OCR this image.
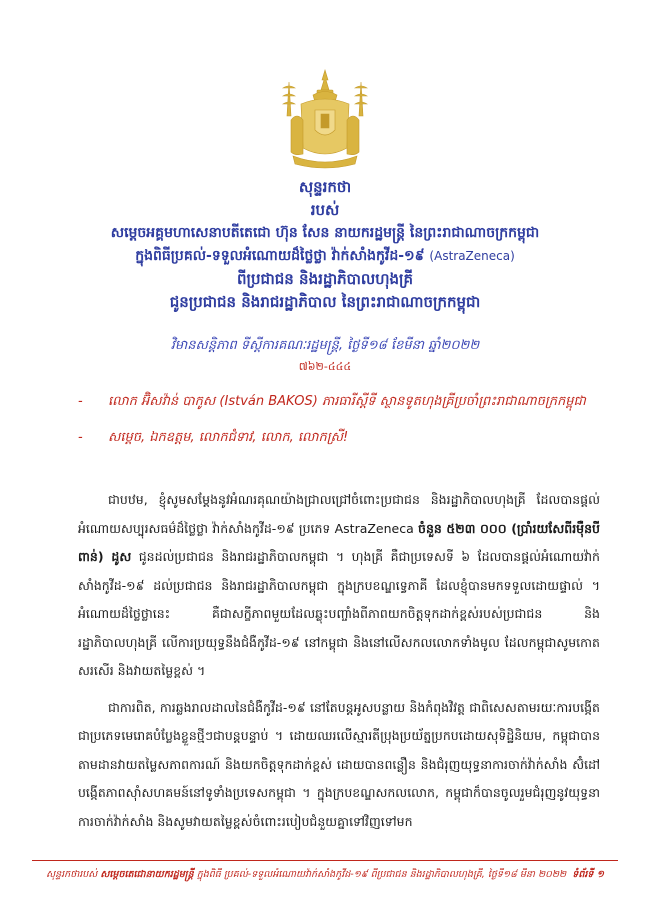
សុន្ទរកថា
របស់
សម្ដេចអគ្គមហាសេនាបតីតេជោ ហ៊ុន សែន នាយករដ្ឋមន្ត្រី នៃព្រះរាជាណាចក្រកម្ពុជា
ក្នុងពិធីប្រគល់-ទទួលអំណោយដ៏ថ្លៃថ្លា វ៉ាក់សាំងកូវីដ-១៩ (AstraZeneca)
ពីប្រជាជន និងរដ្ឋាភិបាលហុងគ្រី
ជូនប្រជាជន និងរាជរដ្ឋាភិបាល នៃព្រះរាជាណាចក្រកម្ពុជា
វិមានសន្តិភាព ទីស្ដីការគណៈរដ្ឋមន្ត្រី, ថ្ងៃទី១៨ ខែមីនា ឆ្នាំ២០២២
៧៦២-៤៤៤
- លោក អ៊ិសវ៉ាន់ បាកូស (István BAKOS) ភារធារីស្ដីទី ស្ថានទូតហុងគ្រីប្រចាំព្រះរាជាណាចក្រកម្ពុជា
- សម្ដេច, ឯកឧត្តម, លោកជំទាវ, លោក, លោកស្រី!

ជាបឋម, ខ្ញុំសូមសម្ដែងនូវអំណរគុណយ៉ាងជ្រាលជ្រៅចំពោះប្រជាជន និងរដ្ឋាភិបាលហុងគ្រី ដែលបានផ្ដល់អំណោយសប្បុរសធម៌ដ៏ថ្លៃថ្លា វ៉ាក់សាំងកូវីដ-១៩ ប្រភេទ AstraZeneca ចំនួន ៥២៣ ០០០ (ប្រាំរយសែពីរម៉ឺនបីពាន់) ដូស ជូនដល់ប្រជាជន និងរាជរដ្ឋាភិបាលកម្ពុជា ។ ហុងគ្រី គឺជាប្រទេសទី ៦ ដែលបានផ្ដល់អំណោយវ៉ាក់សាំងកូវីដ-១៩ ដល់ប្រជាជន និងរាជរដ្ឋាភិបាលកម្ពុជា ក្នុងក្របខណ្ឌទ្វេភាគី ដែលខ្ញុំបានមកទទួលដោយផ្ទាល់ ។ អំណោយដ៏ថ្លៃថ្លានេះ គឺជាសក្ខីភាពមួយដែលឆ្លុះបញ្ចាំងពីភាពយកចិត្តទុកដាក់ខ្ពស់របស់ប្រជាជន និងរដ្ឋាភិបាលហុងគ្រី លើការប្រយុទ្ធនឹងជំងឺកូវីដ-១៩ នៅកម្ពុជា និងនៅលើសកលលោកទាំងមូល ដែលកម្ពុជាសូមកោតសរសើរ និងវាយតម្លៃខ្ពស់ ។

ជាការពិត, ការឆ្លងរាលដាលនៃជំងឺកូវីដ-១៩ នៅតែបន្តអូសបន្លាយ និងកំពុងវិវត្ត ជាពិសេសតាមរយៈការបង្កើតជាប្រភេទមេរោគបំប្លែងខ្លួនថ្មីៗជាបន្តបន្ទាប់ ។ ដោយឈរលើស្មារតីប្រុងប្រយ័ត្នប្រកបដោយសុទិដ្ឋិនិយម, កម្ពុជាបានតាមដានវាយតម្លៃសភាពការណ៍ និងយកចិត្តទុកដាក់ខ្ពស់ ដោយបានពន្លឿន និងជំរុញយុទ្ធនាការចាក់វ៉ាក់សាំង ស៊ំដៅបង្កើតភាពស៊ាំសហគមន៍នៅទូទាំងប្រទេសកម្ពុជា ។ ក្នុងក្របខណ្ឌសកលលោក, កម្ពុជាក៏បានចូលរួមជំរុញនូវយុទ្ធនាការចាក់វ៉ាក់សាំង និងសូមវាយតម្លៃខ្ពស់ចំពោះរបៀបជំនួយគ្នាទៅវិញទៅមក

សុន្ទរកថារបស់ សម្ដេចតេជោនាយករដ្ឋមន្ត្រី ក្នុងពិធី ប្រគល់-ទទួលអំណោយវ៉ាក់សាំងកូវីដ-១៩ ពីប្រជាជន និងរដ្ឋាភិបាលហុងគ្រី, ថ្ងៃទី១៨ មីនា ២០២២ ទំព័រទី ១
